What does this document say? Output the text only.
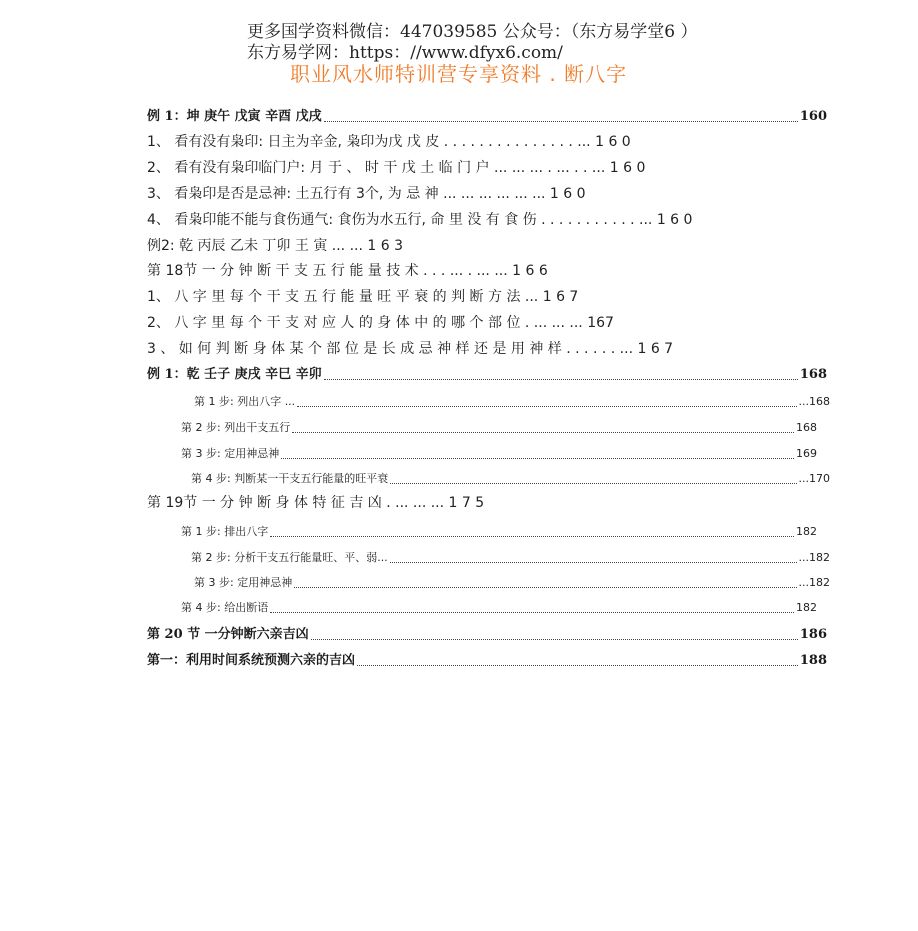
更多国学资料微信：447039585 公众号：（东方易学堂6 ）
东方易学网：https：//www.dfyx6.com/
职业风水师特训营专享资料 . 断八字
例 1：坤 庚午 戊寅 辛酉 戊戌	160
1、 看有没有枭印: 日主为辛金, 枭印为戊 戊 皮 . . . . . . . . . . . . . . . ... 1 6 0
2、 看有没有枭印临门户: 月 于 、 时 干 戊 土 临 门 户 ... ... ... . ... . . ... 1 6 0
3、 看枭印是否是忌神: 土五行有 3个, 为 忌 神 ... ... ... ... ... ... 1 6 0
4、 看枭印能不能与食伤通气: 食伤为水五行, 命 里 没 有 食 伤 . . . . . . . . . . . ... 1 6 0
例2: 乾 丙辰 乙未 丁卯 王 寅 ... ... 1 6 3
第 18节 一 分 钟 断 干 支 五 行 能 量 技 术 . . . ... . ... ... 1 6 6
1、 八 字 里 每 个 干 支 五 行 能 量 旺 平 衰 的 判 断 方 法 ... 1 6 7
2、 八 字 里 每 个 干 支 对 应 人 的 身 体 中 的 哪 个 部 位 . ... ... ... 167
3 、 如 何 判 断 身 体 某 个 部 位 是 长 成 忌 神 样 还 是 用 神 样 . . . . . . ... 1 6 7
例 1：乾 壬子 庚戌 辛巳 辛卯	168
第 1 步: 列出八字 ...	...168
第 2 步: 列出干支五行	168
第 3 步: 定用神忌神	169
第 4 步: 判断某一干支五行能量的旺平衰	...170
第 19节 一 分 钟 断 身 体 特 征 吉 凶 . ... ... ... 1 7 5
第 1 步: 排出八字	182
第 2 步: 分析干支五行能量旺、平、弱...	...182
第 3 步: 定用神忌神	...182
第 4 步: 给出断语	182
第 20 节 一分钟断六亲吉凶	186
第一：利用时间系统预测六亲的吉凶	188
